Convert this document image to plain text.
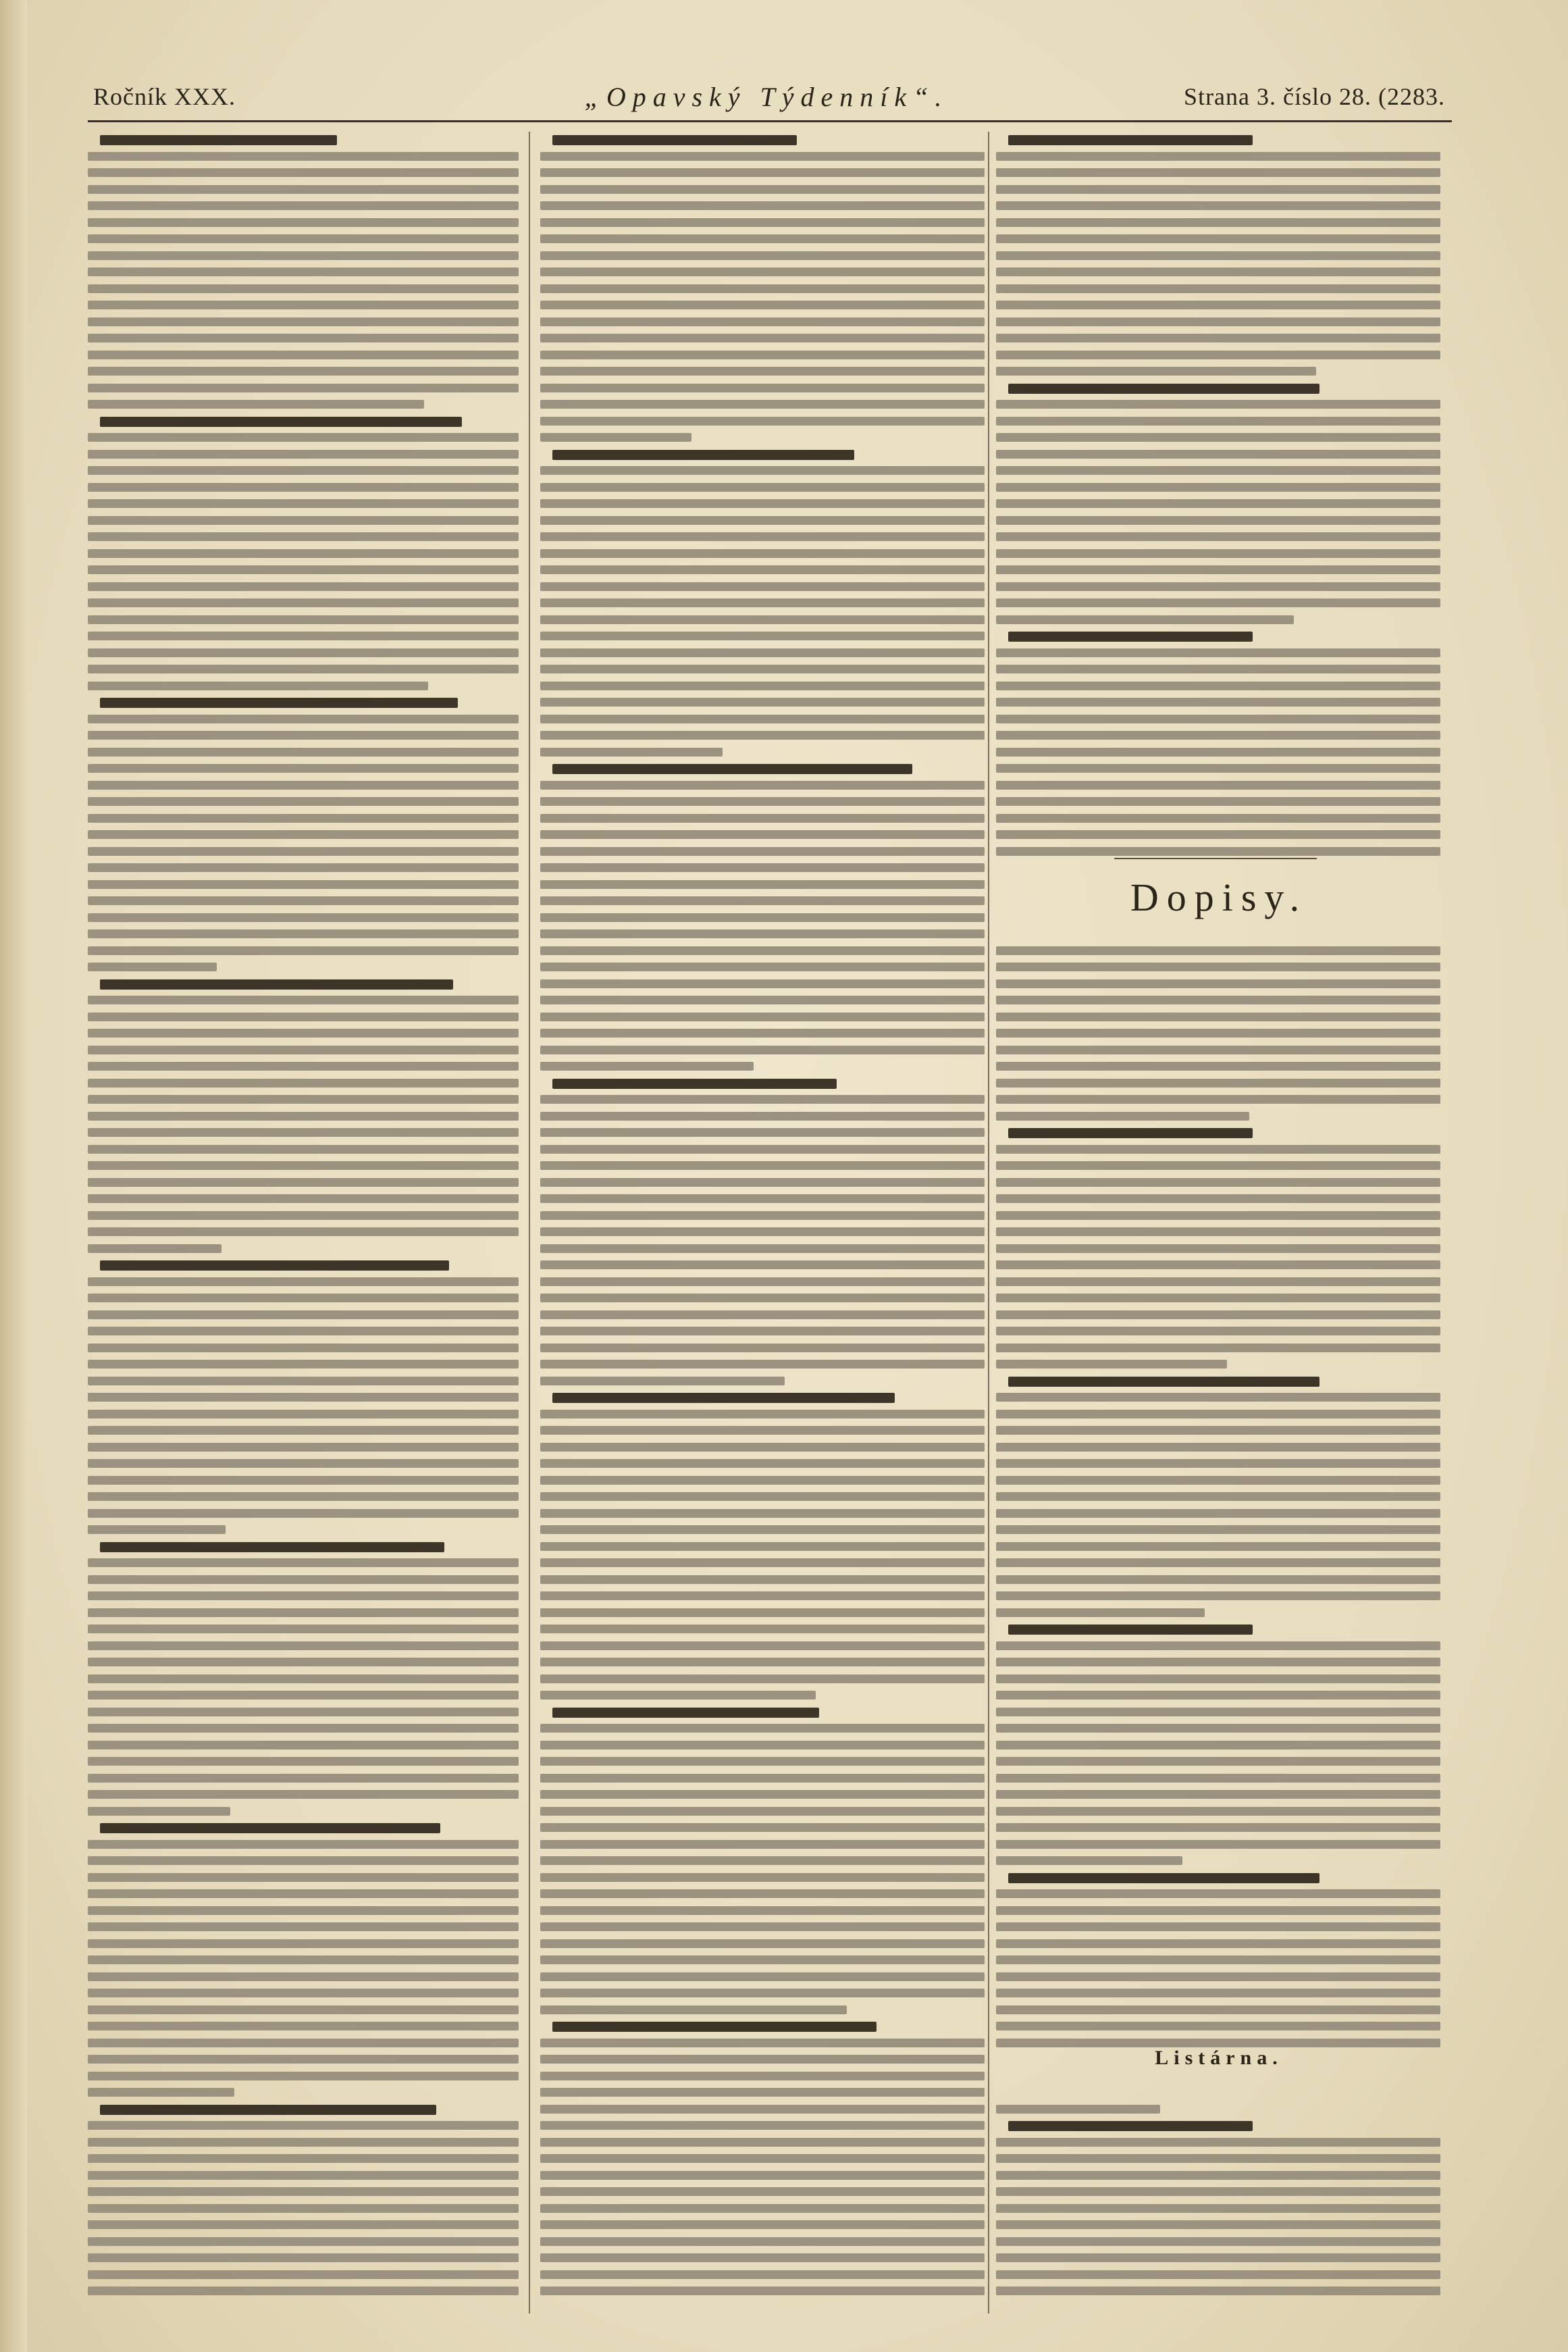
Ročník XXX.	„Opavský Týdenník“.	Strana 3. číslo 28. (2283.
Dopisy.
Listárna.
